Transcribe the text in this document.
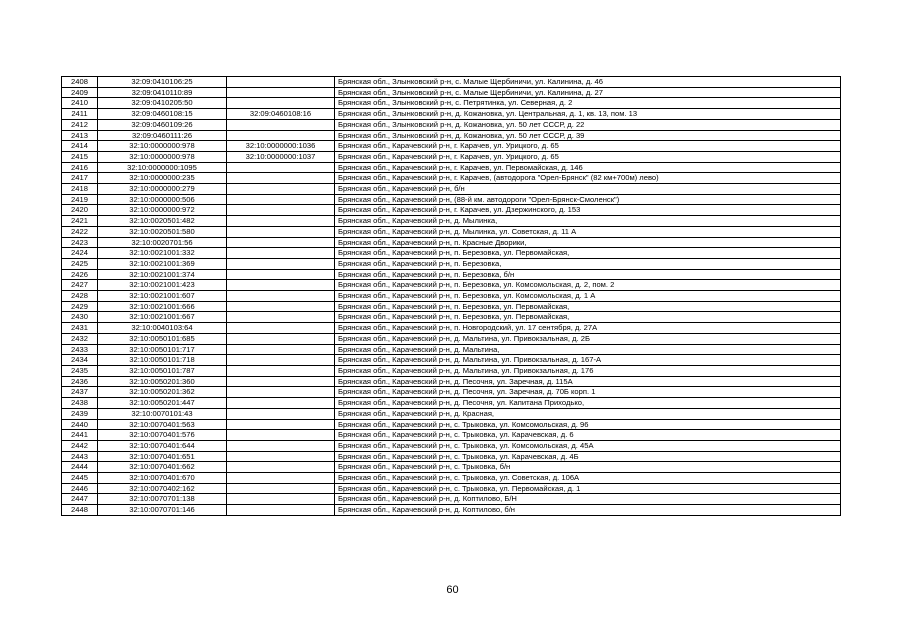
2408	32:09:0410106:25		Брянская обл., Злынковский р-н, с. Малые Щербиничи, ул. Калинина, д. 46
2409	32:09:0410110:89		Брянская обл., Злынковский р-н, с. Малые Щербиничи, ул. Калинина, д. 27
2410	32:09:0410205:50		Брянская обл., Злынковский р-н, с. Петрятинка, ул. Северная, д. 2
2411	32:09:0460108:15	32:09:0460108:16	Брянская обл., Злынковский р-н, д. Кожановка, ул. Центральная, д. 1, кв. 13, пом. 13
2412	32:09:0460109:26		Брянская обл., Злынковский р-н, д. Кожановка, ул. 50 лет СССР, д. 22
2413	32:09:0460111:26		Брянская обл., Злынковский р-н, д. Кожановка, ул. 50 лет СССР, д. 39
2414	32:10:0000000:978	32:10:0000000:1036	Брянская обл., Карачевский р-н, г. Карачев, ул. Урицкого, д. 65
2415	32:10:0000000:978	32:10:0000000:1037	Брянская обл., Карачевский р-н, г. Карачев, ул. Урицкого, д. 65
2416	32:10:0000000:1095		Брянская обл., Карачевский р-н, г. Карачев, ул. Первомайская, д. 146
2417	32:10:0000000:235		Брянская обл., Карачевский р-н, г. Карачев, (автодорога "Орел-Брянск" (82 км+700м) лево)
2418	32:10:0000000:279		Брянская обл., Карачевский р-н, б/н
2419	32:10:0000000:506		Брянская обл., Карачевский р-н, (88-й км. автодороги "Орел-Брянск-Смоленск")
2420	32:10:0000000:972		Брянская обл., Карачевский р-н, г. Карачев, ул. Дзержинского, д. 153
2421	32:10:0020501:482		Брянская обл., Карачевский р-н, д. Мылинка,
2422	32:10:0020501:580		Брянская обл., Карачевский р-н, д. Мылинка, ул. Советская, д. 11 А
2423	32:10:0020701:56		Брянская обл., Карачевский р-н, п. Красные Дворики,
2424	32:10:0021001:332		Брянская обл., Карачевский р-н, п. Березовка, ул. Первомайская,
2425	32:10:0021001:369		Брянская обл., Карачевский р-н, п. Березовка,
2426	32:10:0021001:374		Брянская обл., Карачевский р-н, п. Березовка, б/н
2427	32:10:0021001:423		Брянская обл., Карачевский р-н, п. Березовка, ул. Комсомольская, д. 2, пом. 2
2428	32:10:0021001:607		Брянская обл., Карачевский р-н, п. Березовка, ул. Комсомольская, д. 1 А
2429	32:10:0021001:666		Брянская обл., Карачевский р-н, п. Березовка, ул. Первомайская,
2430	32:10:0021001:667		Брянская обл., Карачевский р-н, п. Березовка, ул. Первомайская,
2431	32:10:0040103:64		Брянская обл., Карачевский р-н, п. Новгородский, ул. 17 сентября, д. 27А
2432	32:10:0050101:685		Брянская обл., Карачевский р-н, д. Мальтина, ул. Привокзальная, д. 2Б
2433	32:10:0050101:717		Брянская обл., Карачевский р-н, д. Мальтина,
2434	32:10:0050101:718		Брянская обл., Карачевский р-н, д. Мальтина, ул. Привокзальная, д. 167-А
2435	32:10:0050101:787		Брянская обл., Карачевский р-н, д. Мальтина, ул. Привокзальная, д. 176
2436	32:10:0050201:360		Брянская обл., Карачевский р-н, д. Песочня, ул. Заречная, д. 115А
2437	32:10:0050201:362		Брянская обл., Карачевский р-н, д. Песочня, ул. Заречная, д. 70Б корп. 1
2438	32:10:0050201:447		Брянская обл., Карачевский р-н, д. Песочня, ул. Капитана Приходько,
2439	32:10:0070101:43		Брянская обл., Карачевский р-н, д. Красная,
2440	32:10:0070401:563		Брянская обл., Карачевский р-н, с. Трыковка, ул. Комсомольская, д. 96
2441	32:10:0070401:576		Брянская обл., Карачевский р-н, с. Трыковка, ул. Карачевская, д. 6
2442	32:10:0070401:644		Брянская обл., Карачевский р-н, с. Трыковка, ул. Комсомольская, д. 45А
2443	32:10:0070401:651		Брянская обл., Карачевский р-н, с. Трыковка, ул. Карачевская, д. 4Б
2444	32:10:0070401:662		Брянская обл., Карачевский р-н, с. Трыковка, б/н
2445	32:10:0070401:670		Брянская обл., Карачевский р-н, с. Трыковка, ул. Советская, д. 106А
2446	32:10:0070402:162		Брянская обл., Карачевский р-н, с. Трыковка, ул. Первомайская, д. 1
2447	32:10:0070701:138		Брянская обл., Карачевский р-н, д. Коптилово, Б/Н
2448	32:10:0070701:146		Брянская обл., Карачевский р-н, д. Коптилово, б/н
60
